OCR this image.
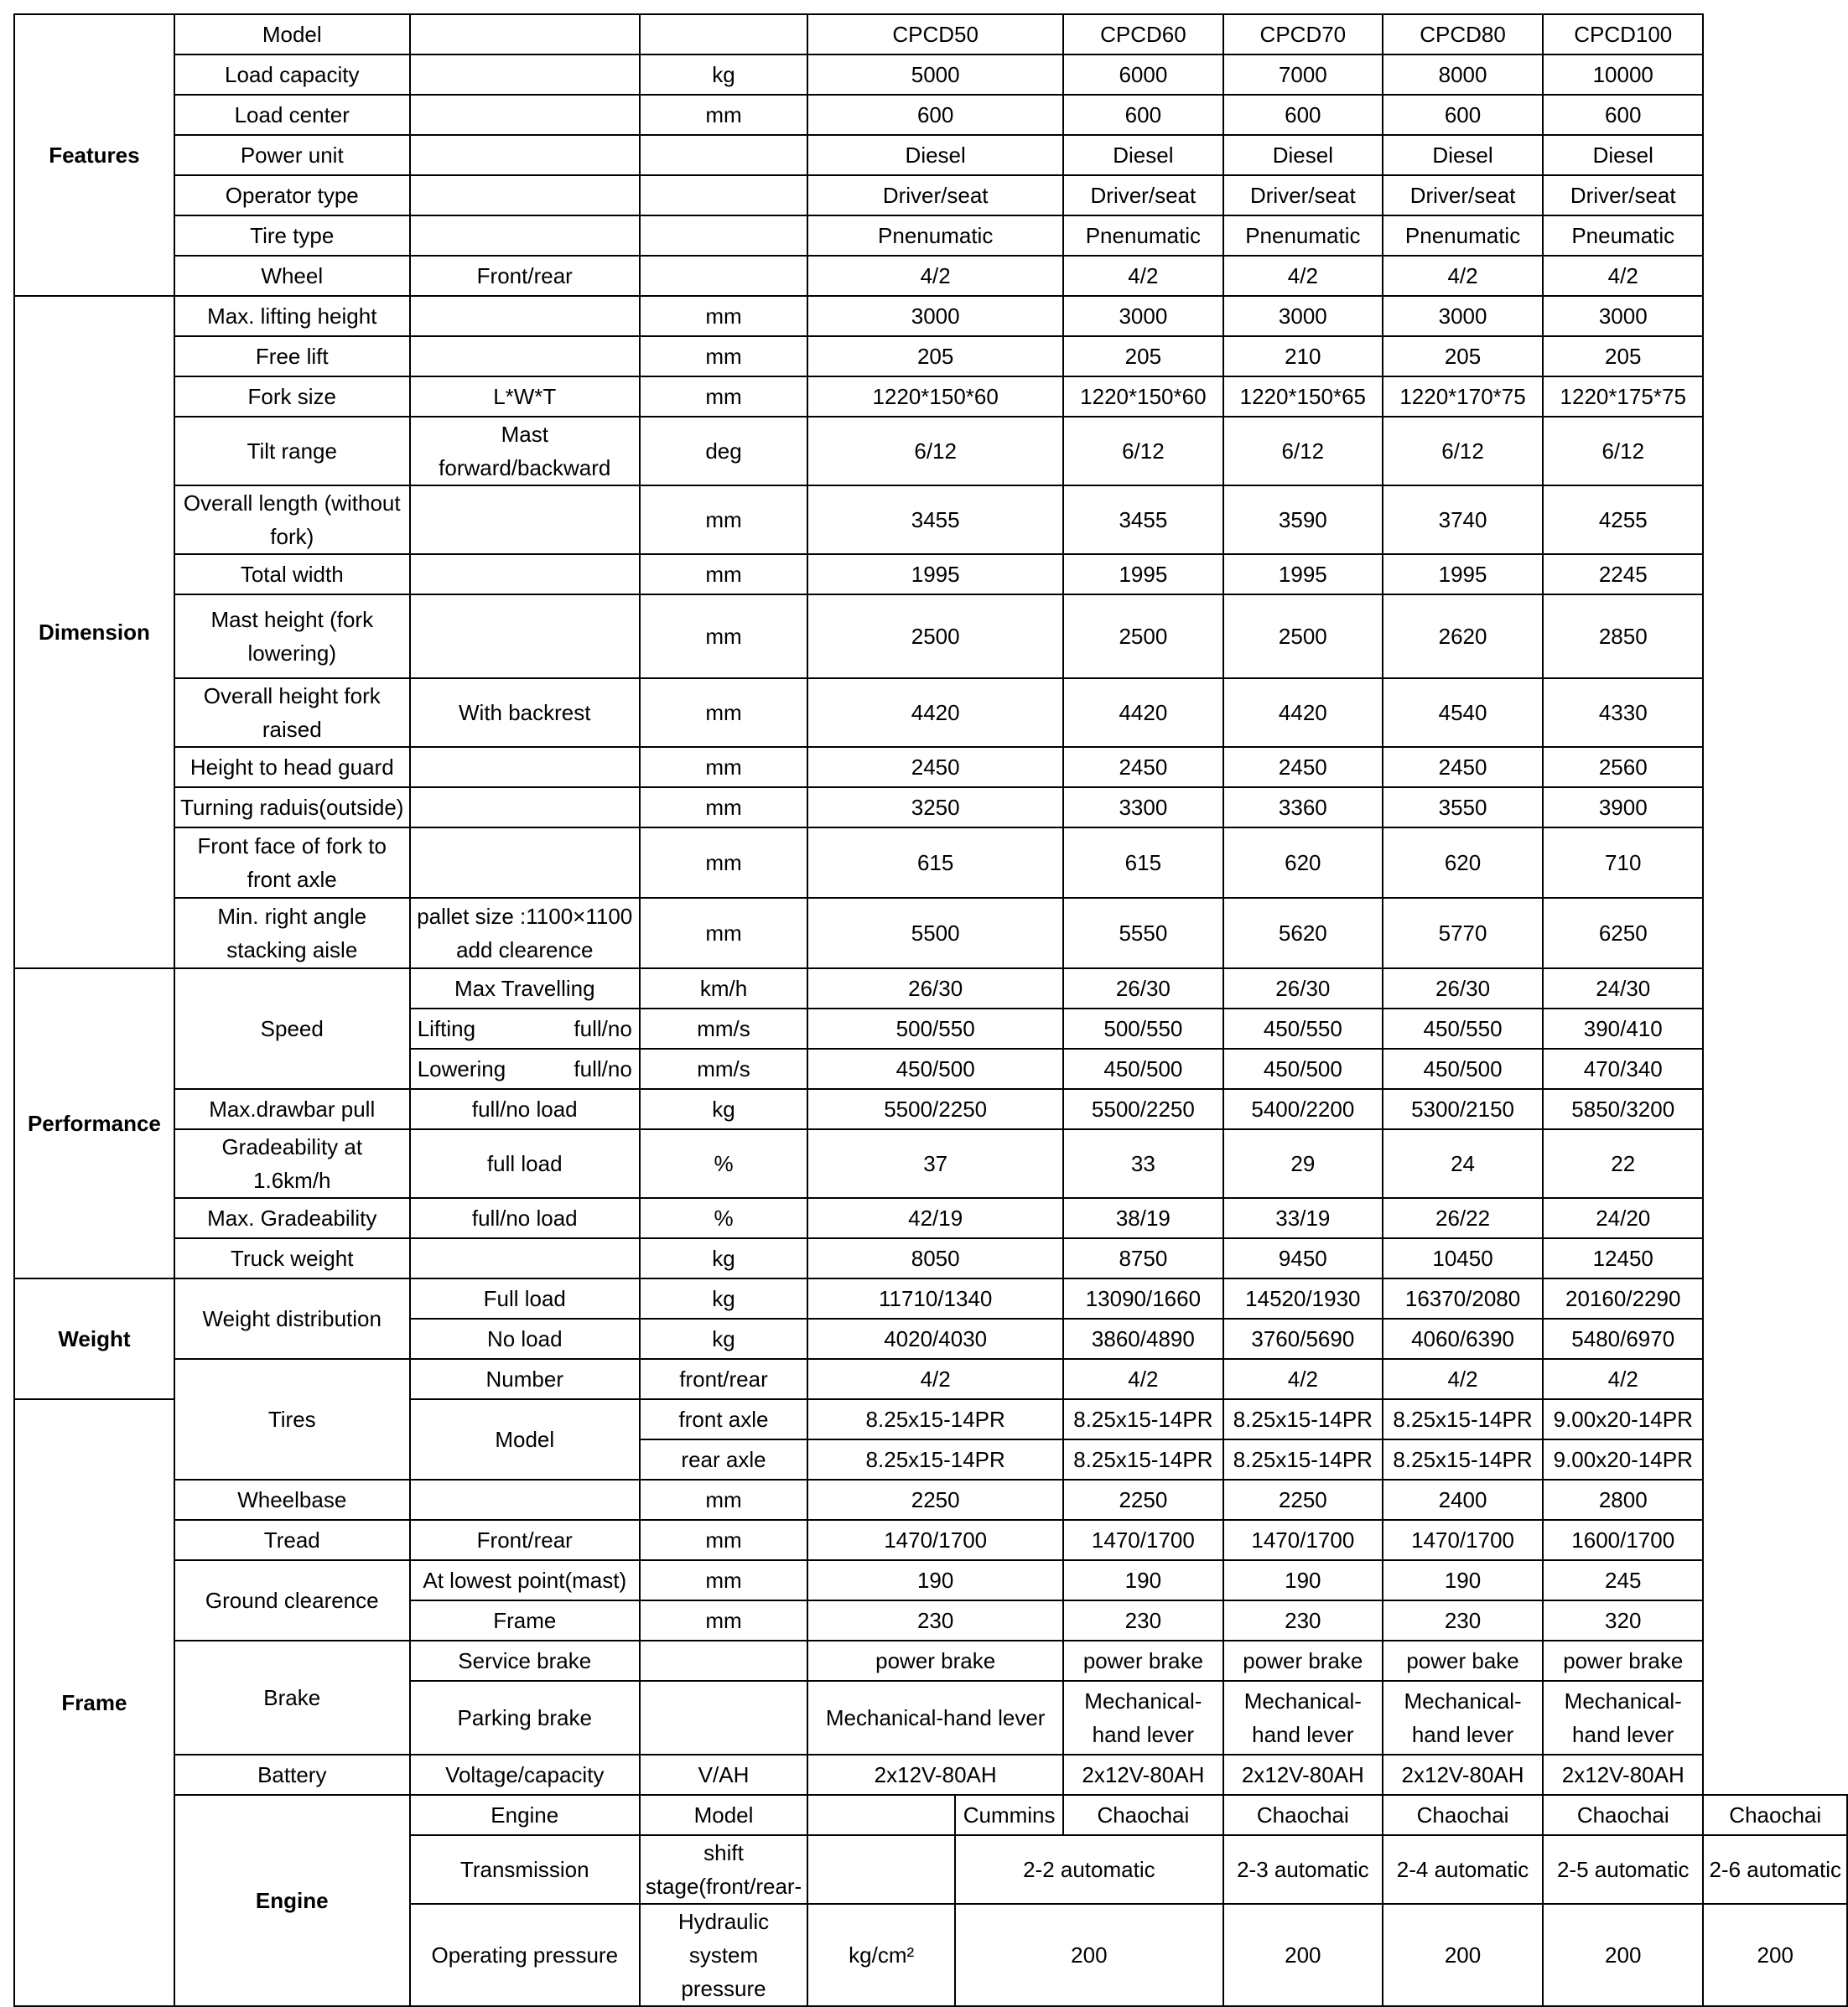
Features	Model			CPCD50		CPCD60	CPCD70	CPCD80	CPCD100	
	Load capacity		kg	5000		6000	7000	8000	10000	
	Load center		mm	600		600	600	600	600	
	Power unit			Diesel		Diesel	Diesel	Diesel	Diesel	
	Operator type			Driver/seat		Driver/seat	Driver/seat	Driver/seat	Driver/seat	
	Tire type			Pnenumatic		Pnenumatic	Pnenumatic	Pnenumatic	Pneumatic	
	Wheel	Front/rear		4/2		4/2	4/2	4/2	4/2	
Dimension	Max. lifting height		mm	3000		3000	3000	3000	3000	
	Free lift		mm	205		205	210	205	205	
	Fork size	L*W*T	mm	1220*150*60		1220*150*60	1220*150*65	1220*170*75	1220*175*75	
	Tilt range	Mast forward/backward	deg	6/12		6/12	6/12	6/12	6/12	
	Overall length (without fork)		mm	3455		3455	3590	3740	4255	
	Total width		mm	1995		1995	1995	1995	2245	
	Mast height (fork lowering)		mm	2500		2500	2500	2620	2850	
	Overall height fork raised	With backrest	mm	4420		4420	4420	4540	4330	
	Height to head guard		mm	2450		2450	2450	2450	2560	
	Turning raduis(outside)		mm	3250		3300	3360	3550	3900	
	Front face of fork to front axle		mm	615		615	620	620	710	
	Min. right angle stacking aisle	pallet size :1100×1100 add clearence	mm	5500		5550	5620	5770	6250	
Performance	Speed	Max Travelling	km/h	26/30		26/30	26/30	26/30	24/30	

		Lifting full/no	mm/s	500/550		500/550	450/550	450/550	390/410	

		Lowering full/no	mm/s	450/500		450/500	450/500	450/500	470/340	
	Max.drawbar pull	full/no load	kg	5500/2250		5500/2250	5400/2200	5300/2150	5850/3200	
	Gradeability at 1.6km/h	full load	%	37		33	29	24	22	
	Max. Gradeability	full/no load	%	42/19		38/19	33/19	26/22	24/20	
	Truck weight		kg	8050		8750	9450	10450	12450	
Weight	Weight distribution	Full load	kg	11710/1340		13090/1660	14520/1930	16370/2080	20160/2290	
		No load	kg	4020/4030		3860/4890	3760/5690	4060/6390	5480/6970	
	Tires	Number	front/rear	4/2		4/2	4/2	4/2	4/2	
Frame		Model	front axle	8.25x15-14PR		8.25x15-14PR	8.25x15-14PR	8.25x15-14PR	9.00x20-14PR	
			rear axle	8.25x15-14PR		8.25x15-14PR	8.25x15-14PR	8.25x15-14PR	9.00x20-14PR	
	Wheelbase		mm	2250		2250	2250	2400	2800	
	Tread	Front/rear	mm	1470/1700		1470/1700	1470/1700	1470/1700	1600/1700	
	Ground clearence	At lowest point(mast)	mm	190		190	190	190	245	
		Frame	mm	230		230	230	230	320	
	Brake	Service brake		power brake		power brake	power brake	power bake	power brake	
		Parking brake		Mechanical-hand lever		Mechanical-hand lever	Mechanical-hand lever	Mechanical-hand lever	Mechanical-hand lever	
	Battery	Voltage/capacity	V/AH	2x12V-80AH		2x12V-80AH	2x12V-80AH	2x12V-80AH	2x12V-80AH	
	Engine	Engine	Model		Cummins	Chaochai	Chaochai	Chaochai	Chaochai	Chaochai
		Transmission	shift stage(front/rear-		2-2 automatic		2-3 automatic	2-4 automatic	2-5 automatic	2-6 automatic
		Operating pressure	Hydraulic system pressure	kg/cm²	200		200	200	200	200
